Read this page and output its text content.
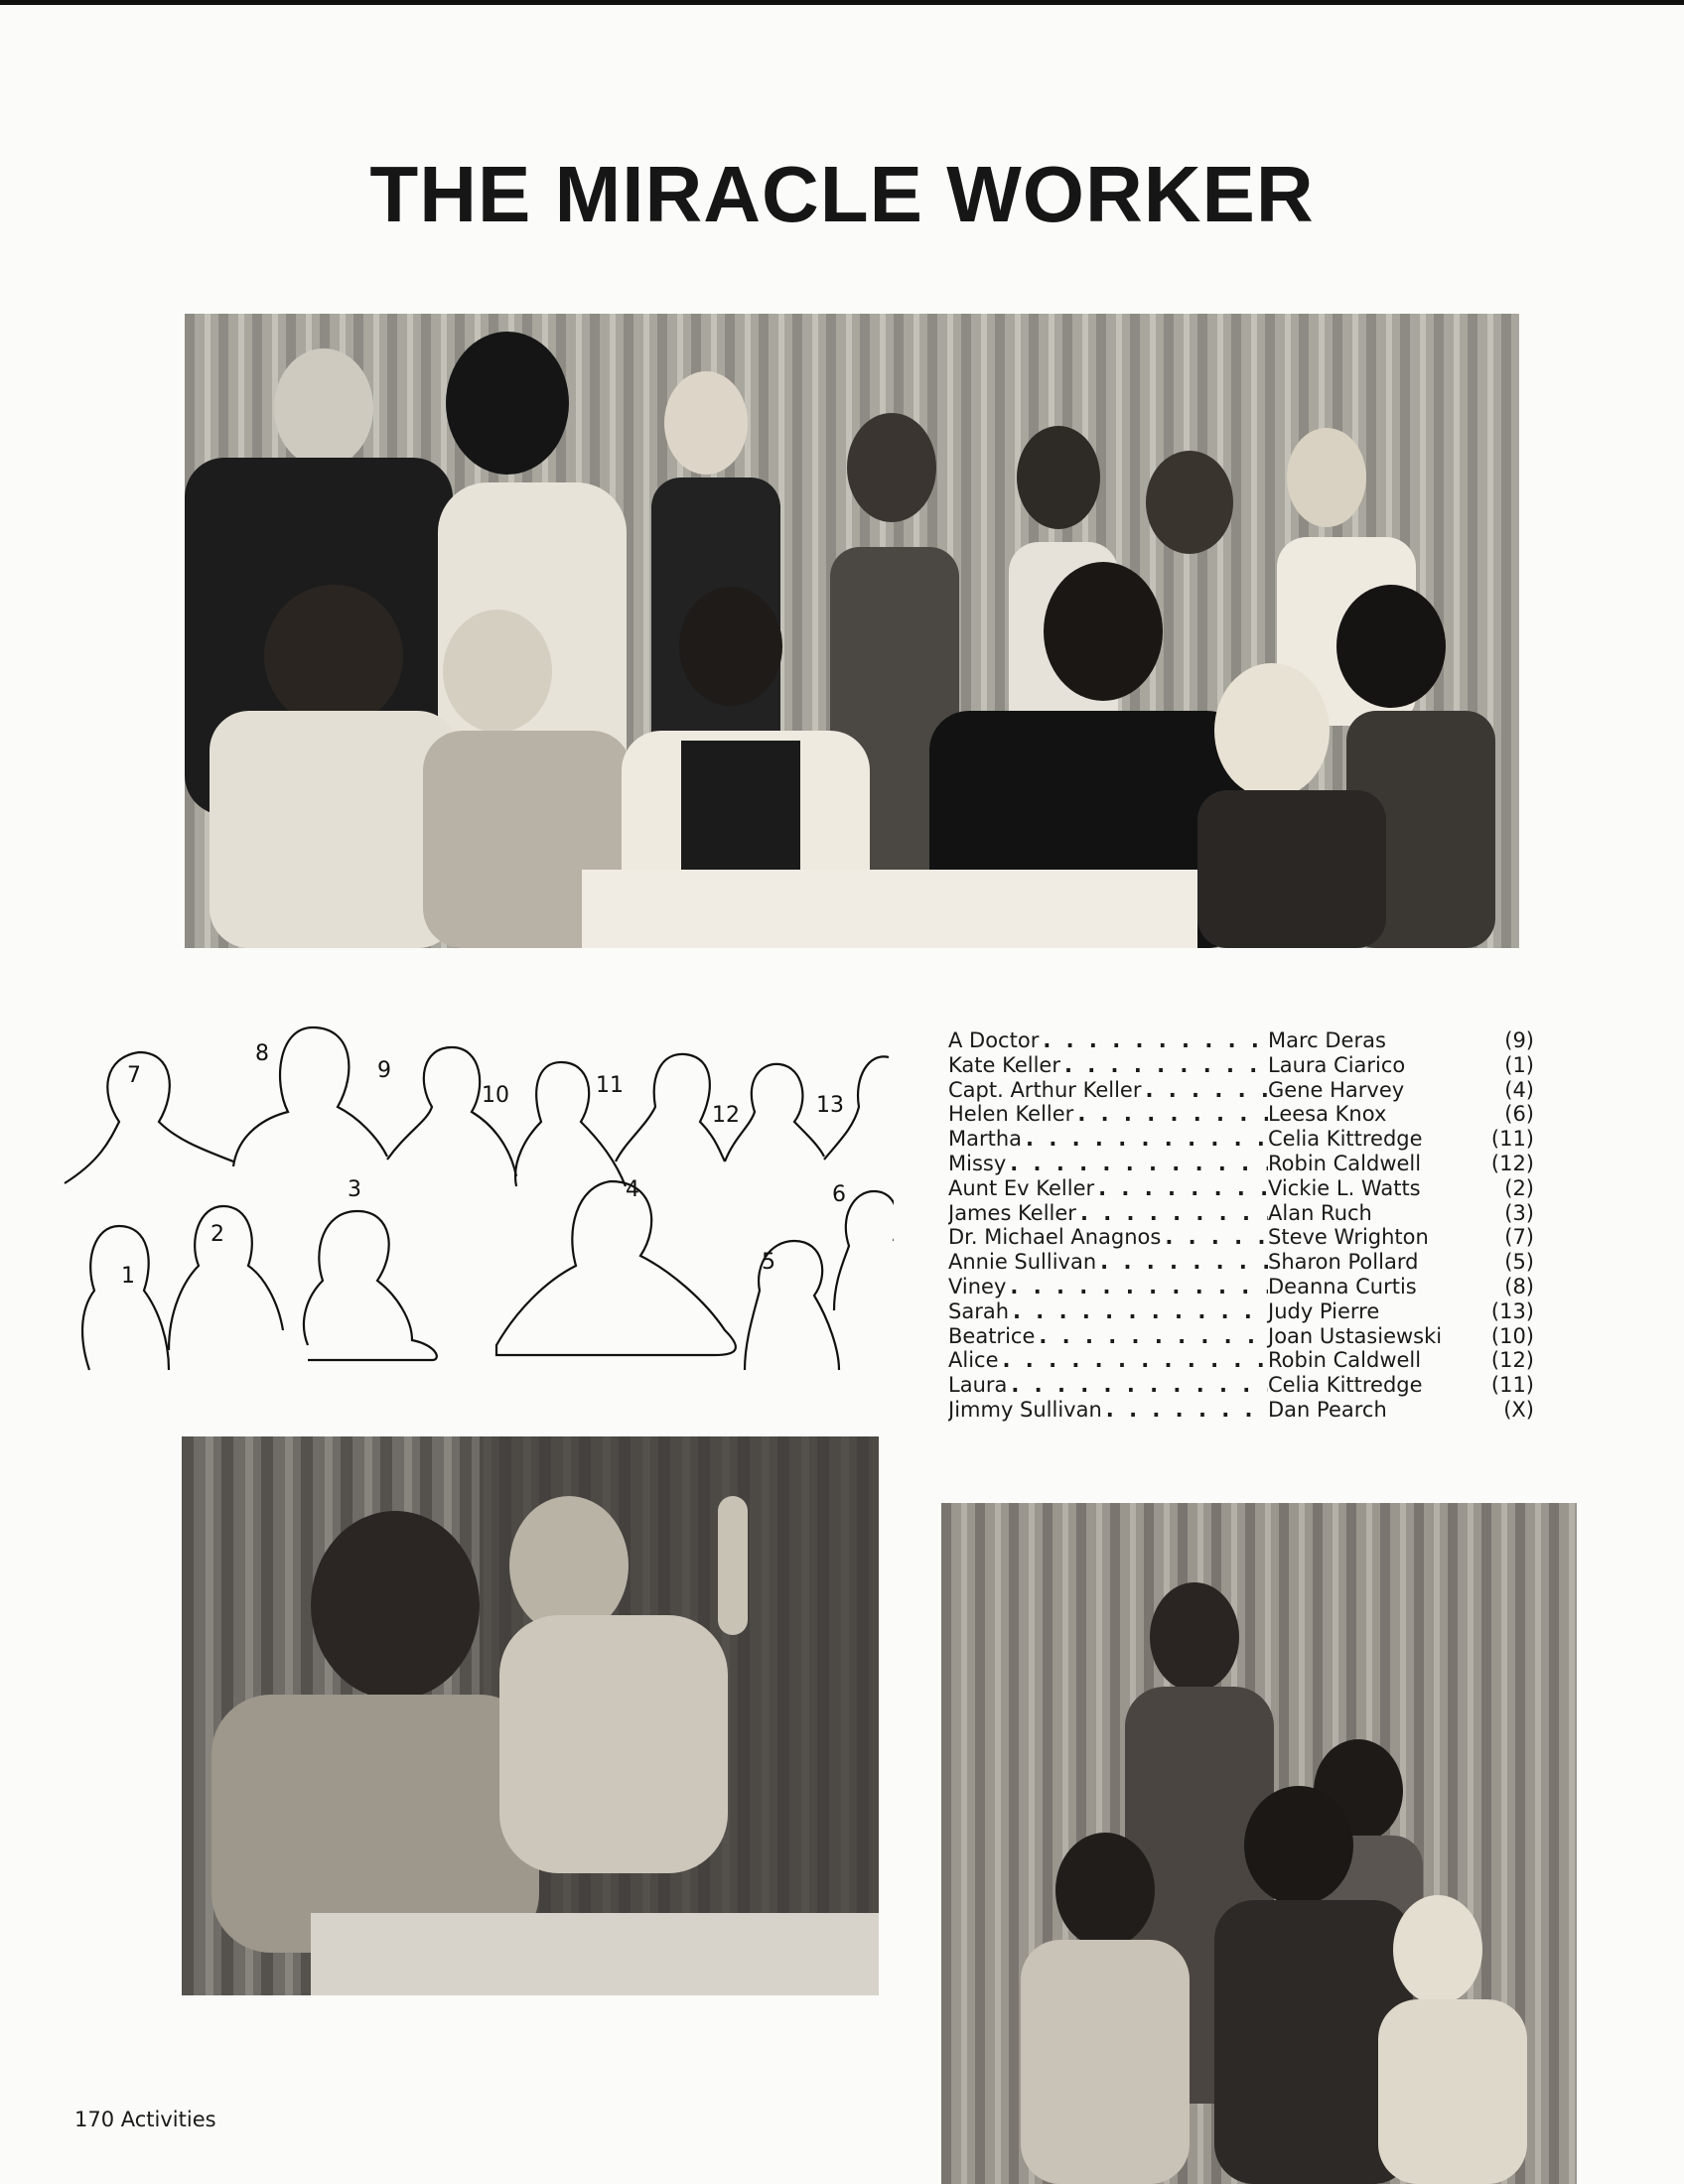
THE MIRACLE WORKER
1
2
3	4
5
6
7
8
9
10	11
12	13
A Doctor . . .	Marc Deras	(9)
Kate Keller . . .	Laura Ciarico	(1)
Capt. Arthur Keller . . .	Gene Harvey	(4)
Helen Keller . . .	Leesa Knox	(6)
Martha . . .	Celia Kittredge	(11)
Missy . . .	Robin Caldwell	(12)
Aunt Ev Keller . . .	Vickie L. Watts	(2)
James Keller . . .	Alan Ruch	(3)
Dr. Michael Anagnos . . .	Steve Wrighton	(7)
Annie Sullivan . . .	Sharon Pollard	(5)
Viney . . .	Deanna Curtis	(8)
Sarah . . .	Judy Pierre	(13)
Beatrice . . .	Joan Ustasiewski	(10)
Alice . . .	Robin Caldwell	(12)
Laura . . .	Celia Kittredge	(11)
Jimmy Sullivan . . .	Dan Pearch	(X)
170 Activities
